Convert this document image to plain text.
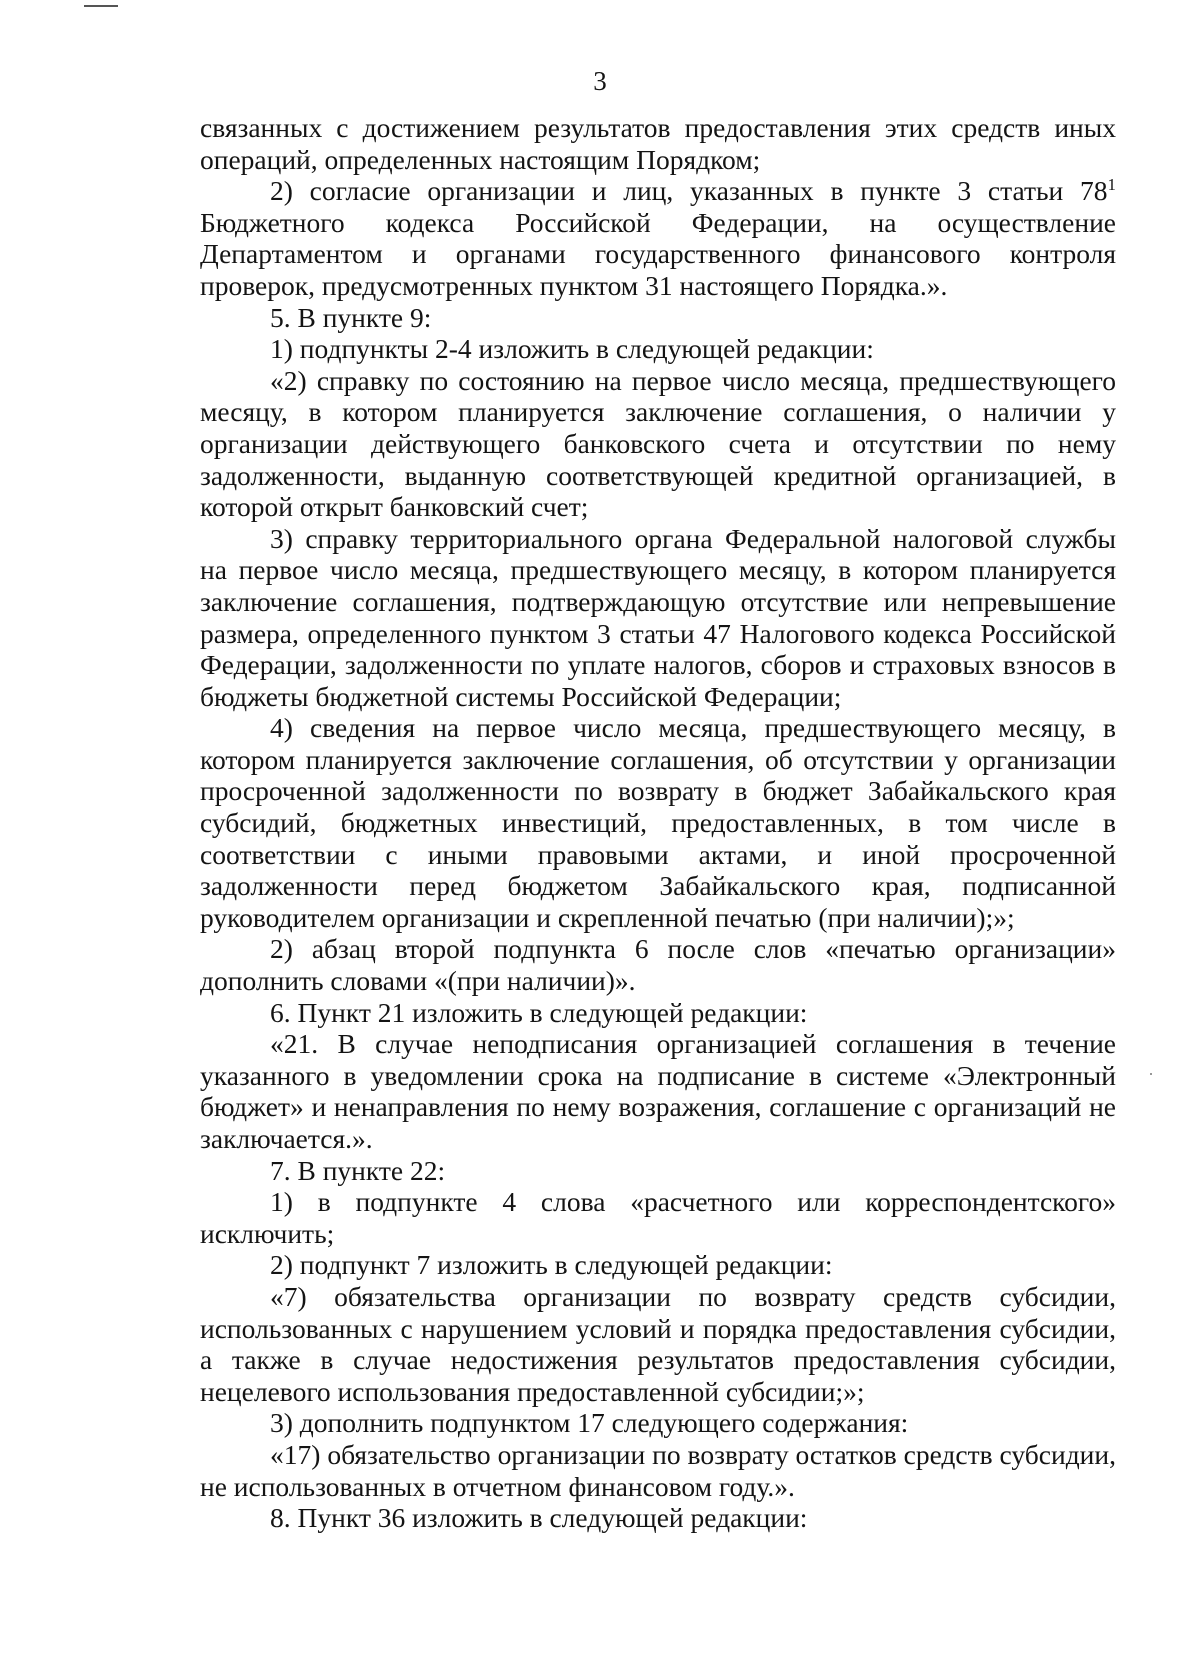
3

связанных с достижением результатов предоставления этих средств иных операций, определенных настоящим Порядком;

2) согласие организации и лиц, указанных в пункте 3 статьи $78^1$ Бюджетного кодекса Российской Федерации, на осуществление Департаментом и органами государственного финансового контроля проверок, предусмотренных пунктом 31 настоящего Порядка.».

5. В пункте 9:

1) подпункты 2-4 изложить в следующей редакции:

«2) справку по состоянию на первое число месяца, предшествующего месяцу, в котором планируется заключение соглашения, о наличии у организации действующего банковского счета и отсутствии по нему задолженности, выданную соответствующей кредитной организацией, в которой открыт банковский счет;

3) справку территориального органа Федеральной налоговой службы на первое число месяца, предшествующего месяцу, в котором планируется заключение соглашения, подтверждающую отсутствие или непревышение размера, определенного пунктом 3 статьи 47 Налогового кодекса Российской Федерации, задолженности по уплате налогов, сборов и страховых взносов в бюджеты бюджетной системы Российской Федерации;

4) сведения на первое число месяца, предшествующего месяцу, в котором планируется заключение соглашения, об отсутствии у организации просроченной задолженности по возврату в бюджет Забайкальского края субсидий, бюджетных инвестиций, предоставленных, в том числе в соответствии с иными правовыми актами, и иной просроченной задолженности перед бюджетом Забайкальского края, подписанной руководителем организации и скрепленной печатью (при наличии);»;

2) абзац второй подпункта 6 после слов «печатью организации» дополнить словами «(при наличии)».

6. Пункт 21 изложить в следующей редакции:

«21. В случае неподписания организацией соглашения в течение указанного в уведомлении срока на подписание в системе «Электронный бюджет» и ненаправления по нему возражения, соглашение с организаций не заключается.».

7. В пункте 22:

1) в подпункте 4 слова «расчетного или корреспондентского» исключить;

2) подпункт 7 изложить в следующей редакции:

«7) обязательства организации по возврату средств субсидии, использованных с нарушением условий и порядка предоставления субсидии, а также в случае недостижения результатов предоставления субсидии, нецелевого использования предоставленной субсидии;»;

3) дополнить подпунктом 17 следующего содержания:

«17) обязательство организации по возврату остатков средств субсидии, не использованных в отчетном финансовом году.».

8. Пункт 36 изложить в следующей редакции:
